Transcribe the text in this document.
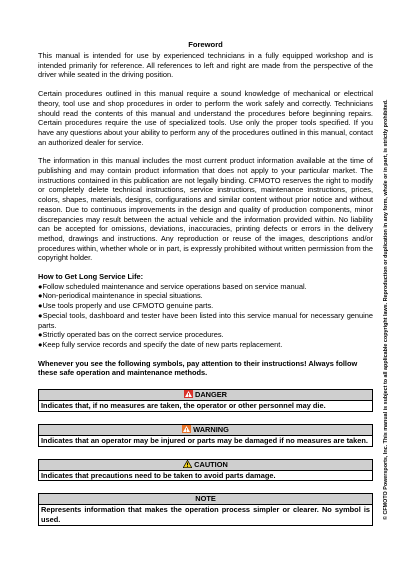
Foreword

This manual is intended for use by experienced technicians in a fully equipped workshop and is intended primarily for reference. All references to left and right are made from the perspective of the driver while seated in the driving position.

Certain procedures outlined in this manual require a sound knowledge of mechanical or electrical theory, tool use and shop procedures in order to perform the work safely and correctly. Technicians should read the contents of this manual and understand the procedures before beginning repairs. Certain procedures require the use of specialized tools. Use only the proper tools specified. If you have any questions about your ability to perform any of the procedures outlined in this manual, contact an authorized dealer for service.

The information in this manual includes the most current product information available at the time of publishing and may contain product information that does not apply to your particular market. The instructions contained in this publication are not legally binding. CFMOTO reserves the right to modify or completely delete technical instructions, service instructions, maintenance instructions, prices, colors, shapes, materials, designs, configurations and similar content without prior notice and without reason. Due to continuous improvements in the design and quality of production components, minor discrepancies may result between the actual vehicle and the information provided within. No liability can be accepted for omissions, deviations, inaccuracies, printing defects or errors in the delivery method, drawings and instructions. Any reproduction or reuse of the images, descriptions and/or procedures within, whether whole or in part, is expressly prohibited without written permission from the copyright holder.

How to Get Long Service Life:

●Follow scheduled maintenance and service operations based on service manual.
●Non-periodical maintenance in special situations.
●Use tools properly and use CFMOTO genuine parts.
●Special tools, dashboard and tester have been listed into this service manual for necessary genuine parts.
●Strictly operated bas on the correct service procedures.
●Keep fully service records and specify the date of new parts replacement.

Whenever you see the following symbols, pay attention to their instructions! Always follow these safe operation and maintenance methods.

DANGER
Indicates that, if no measures are taken, the operator or other personnel may die.
WARNING
Indicates that an operator may be injured or parts may be damaged if no measures are taken.
CAUTION
Indicates that precautions need to be taken to avoid parts damage.
NOTE
Represents information that makes the operation process simpler or clearer. No symbol is used.	© CFMOTO Powersports, Inc. This manual is subject to all applicable copyright laws. Reproduction or duplication in any form, whole or in part, is strictly prohibited.
